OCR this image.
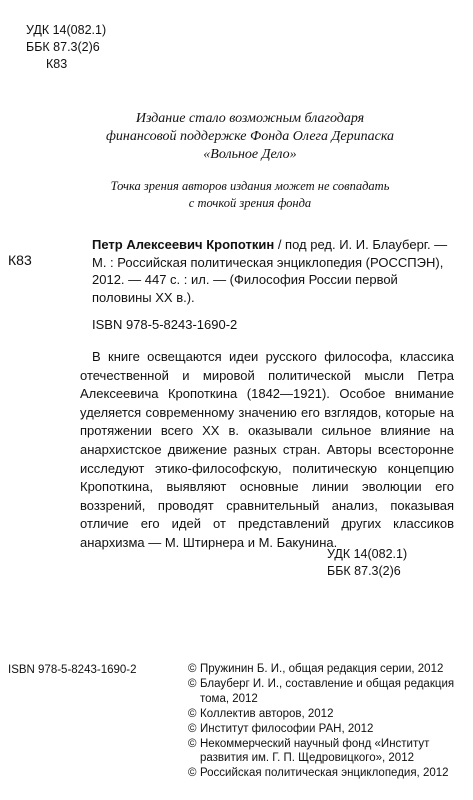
УДК 14(082.1)
ББК 87.3(2)6
К83
Издание стало возможным благодаря
финансовой поддержке Фонда Олега Дерипаска
«Вольное Дело»
Точка зрения авторов издания может не совпадать
с точкой зрения фонда
К83
Петр Алексеевич Кропоткин / под ред. И. И. Блауберг. — М. : Российская политическая энциклопедия (РОССПЭН), 2012. — 447 с. : ил. — (Философия России первой половины XX в.).
ISBN 978-5-8243-1690-2
В книге освещаются идеи русского философа, классика отечественной и мировой политической мысли Петра Алексеевича Кропоткина (1842—1921). Особое внимание уделяется современному значению его взглядов, которые на протяжении всего XX в. оказывали сильное влияние на анархистское движение разных стран. Авторы всесторонне исследуют этико-философскую, политическую концепцию Кропоткина, выявляют основные линии эволюции его воззрений, проводят сравнительный анализ, показывая отличие его идей от представлений других классиков анархизма — М. Штирнера и М. Бакунина.
УДК 14(082.1)
ББК 87.3(2)6
ISBN 978-5-8243-1690-2	© Пружинин Б. И., общая редакция серии, 2012
© Блауберг И. И., составление и общая редакция тома, 2012
© Коллектив авторов, 2012
© Институт философии РАН, 2012
© Некоммерческий научный фонд «Институт развития им. Г. П. Щедровицкого», 2012
© Российская политическая энциклопедия, 2012
